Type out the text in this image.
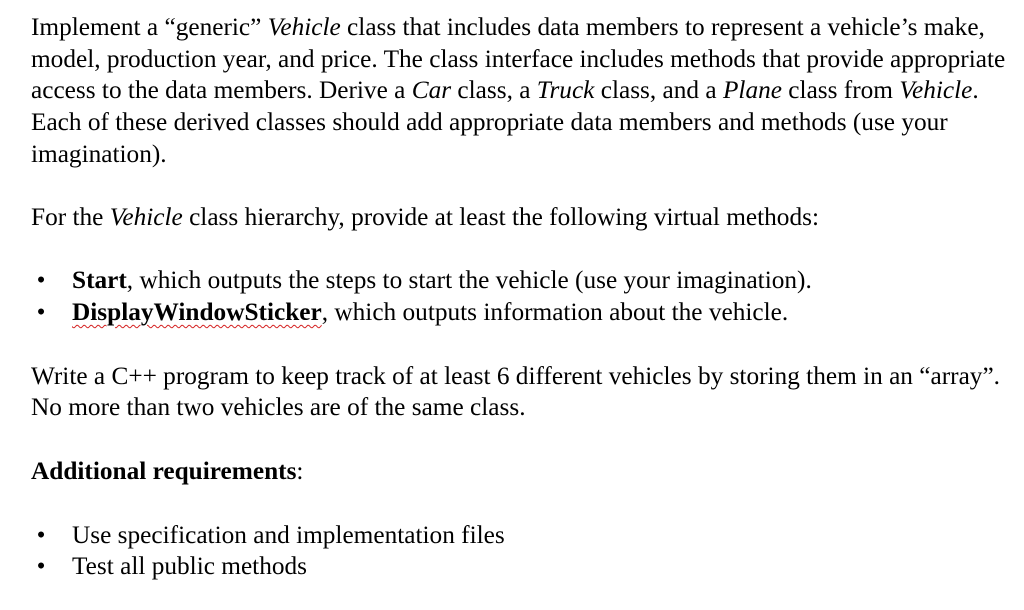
Implement a “generic” Vehicle class that includes data members to represent a vehicle’s make, model, production year, and price. The class interface includes methods that provide appropriate access to the data members. Derive a Car class, a Truck class, and a Plane class from Vehicle. Each of these derived classes should add appropriate data members and methods (use your imagination).

For the Vehicle class hierarchy, provide at least the following virtual methods:

• Start, which outputs the steps to start the vehicle (use your imagination).
• DisplayWindowSticker, which outputs information about the vehicle.

Write a C++ program to keep track of at least 6 different vehicles by storing them in an “array”. No more than two vehicles are of the same class.

Additional requirements:

• Use specification and implementation files
• Test all public methods
